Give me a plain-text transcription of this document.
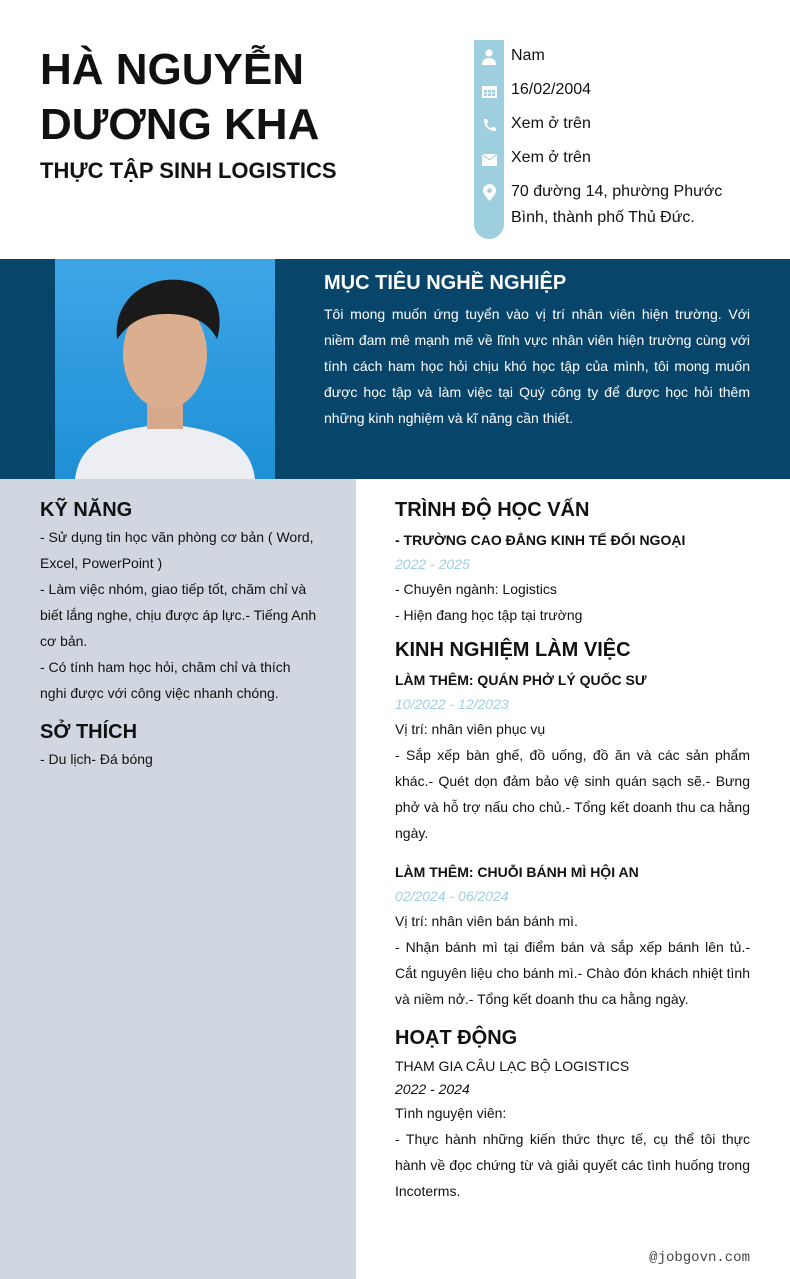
HÀ NGUYỄN DƯƠNG KHA
THỰC TẬP SINH LOGISTICS
Nam
16/02/2004
Xem ở trên
Xem ở trên
70 đường 14, phường Phước Bình, thành phố Thủ Đức.
MỤC TIÊU NGHỀ NGHIỆP
Tôi mong muốn ứng tuyển vào vị trí nhân viên hiện trường. Với niềm đam mê mạnh mẽ về lĩnh vực nhân viên hiện trường cùng với tính cách ham học hỏi chịu khó học tập của mình, tôi mong muốn được học tập và làm việc tại Quý công ty để được học hỏi thêm những kinh nghiệm và kĩ năng cần thiết.
KỸ NĂNG
- Sử dụng tin học văn phòng cơ bản ( Word, Excel, PowerPoint )
- Làm việc nhóm, giao tiếp tốt, chăm chỉ và biết lắng nghe, chịu được áp lực.- Tiếng Anh cơ bản.
- Có tính ham học hỏi, chăm chỉ và thích nghi được với công việc nhanh chóng.
SỞ THÍCH
- Du lịch- Đá bóng
TRÌNH ĐỘ HỌC VẤN
- TRƯỜNG CAO ĐẲNG KINH TẾ ĐỐI NGOẠI
2022 - 2025
- Chuyên ngành: Logistics
- Hiện đang học tập tại trường
KINH NGHIỆM LÀM VIỆC
LÀM THÊM: QUÁN PHỞ LÝ QUỐC SƯ
10/2022 - 12/2023
Vị trí: nhân viên phục vụ
- Sắp xếp bàn ghế, đồ uống, đồ ăn và các sản phẩm khác.- Quét dọn đảm bảo vệ sinh quán sạch sẽ.- Bưng phở và hỗ trợ nấu cho chủ.- Tổng kết doanh thu ca hằng ngày.
LÀM THÊM: CHUỖI BÁNH MÌ HỘI AN
02/2024 - 06/2024
Vị trí: nhân viên bán bánh mì.
- Nhận bánh mì tại điểm bán và sắp xếp bánh lên tủ.- Cắt nguyên liệu cho bánh mì.- Chào đón khách nhiệt tình và niềm nở.- Tổng kết doanh thu ca hằng ngày.
HOẠT ĐỘNG
THAM GIA CÂU LẠC BỘ LOGISTICS
2022 - 2024
Tình nguyện viên:
- Thực hành những kiến thức thực tế, cụ thể tôi thực hành về đọc chứng từ và giải quyết các tình huống trong Incoterms.
@jobgovn.com
